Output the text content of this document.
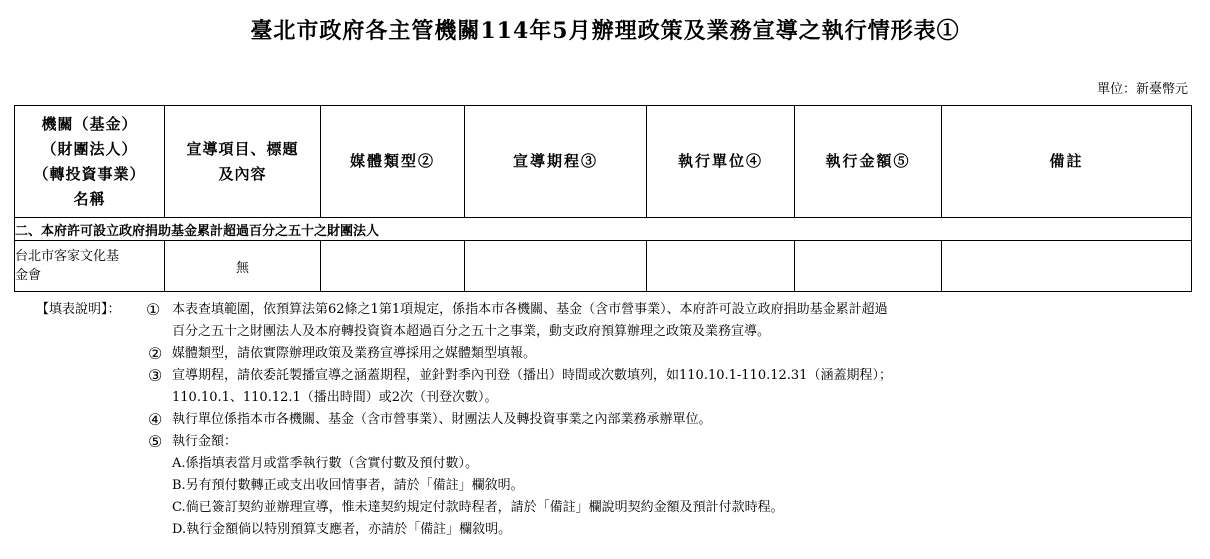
臺北市政府各主管機關114年5月辦理政策及業務宣導之執行情形表①
單位：新臺幣元
機關（基金）
（財團法人）
（轉投資事業）
名稱	宣導項目、標題
及內容	媒體類型②	宣導期程③	執行單位④	執行金額⑤	備註
二、本府許可設立政府捐助基金累計超過百分之五十之財團法人						

台北市客家文化基
金會	無					
【填表說明】： ① 本表查填範圍，依預算法第62條之1第1項規定，係指本市各機關、基金（含市營事業）、本府許可設立政府捐助基金累計超過
百分之五十之財團法人及本府轉投資資本超過百分之五十之事業，動支政府預算辦理之政策及業務宣導。
② 媒體類型，請依實際辦理政策及業務宣導採用之媒體類型填報。
③ 宣導期程，請依委託製播宣導之涵蓋期程，並針對季內刊登（播出）時間或次數填列，如110.10.1-110.12.31（涵蓋期程）；
110.10.1、110.12.1（播出時間）或2次（刊登次數）。
④ 執行單位係指本市各機關、基金（含市營事業）、財團法人及轉投資事業之內部業務承辦單位。
⑤ 執行金額：
A.係指填表當月或當季執行數（含實付數及預付數）。
B.另有預付數轉正或支出收回情事者，請於「備註」欄敘明。
C.倘已簽訂契約並辦理宣導，惟未達契約規定付款時程者，請於「備註」欄說明契約金額及預計付款時程。
D.執行金額倘以特別預算支應者，亦請於「備註」欄敘明。
